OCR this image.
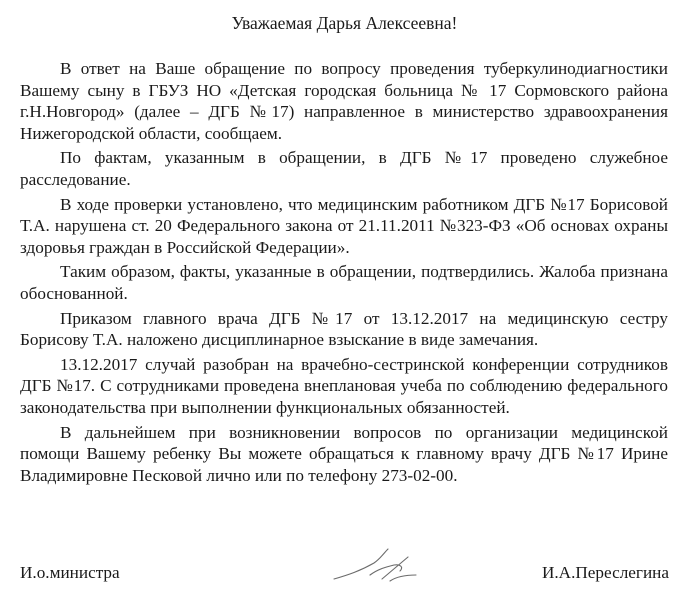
Уважаемая Дарья Алексеевна!

В ответ на Ваше обращение по вопросу проведения туберкулинодиагностики Вашему сыну в ГБУЗ НО «Детская городская больница № 17 Сормовского района г.Н.Новгород» (далее – ДГБ №17) направленное в министерство здравоохранения Нижегородской области, сообщаем.

По фактам, указанным в обращении, в ДГБ №17 проведено служебное расследование.

В ходе проверки установлено, что медицинским работником ДГБ №17 Борисовой Т.А. нарушена ст. 20 Федерального закона от 21.11.2011 №323-ФЗ «Об основах охраны здоровья граждан в Российской Федерации».

Таким образом, факты, указанные в обращении, подтвердились. Жалоба признана обоснованной.

Приказом главного врача ДГБ №17 от 13.12.2017 на медицинскую сестру Борисову Т.А. наложено дисциплинарное взыскание в виде замечания.

13.12.2017 случай разобран на врачебно-сестринской конференции сотрудников ДГБ №17. С сотрудниками проведена внеплановая учеба по соблюдению федерального законодательства при выполнении функциональных обязанностей.

В дальнейшем при возникновении вопросов по организации медицинской помощи Вашему ребенку Вы можете обращаться к главному врачу ДГБ №17 Ирине Владимировне Песковой лично или по телефону 273-02-00.

И.о.министра	И.А.Переслегина
